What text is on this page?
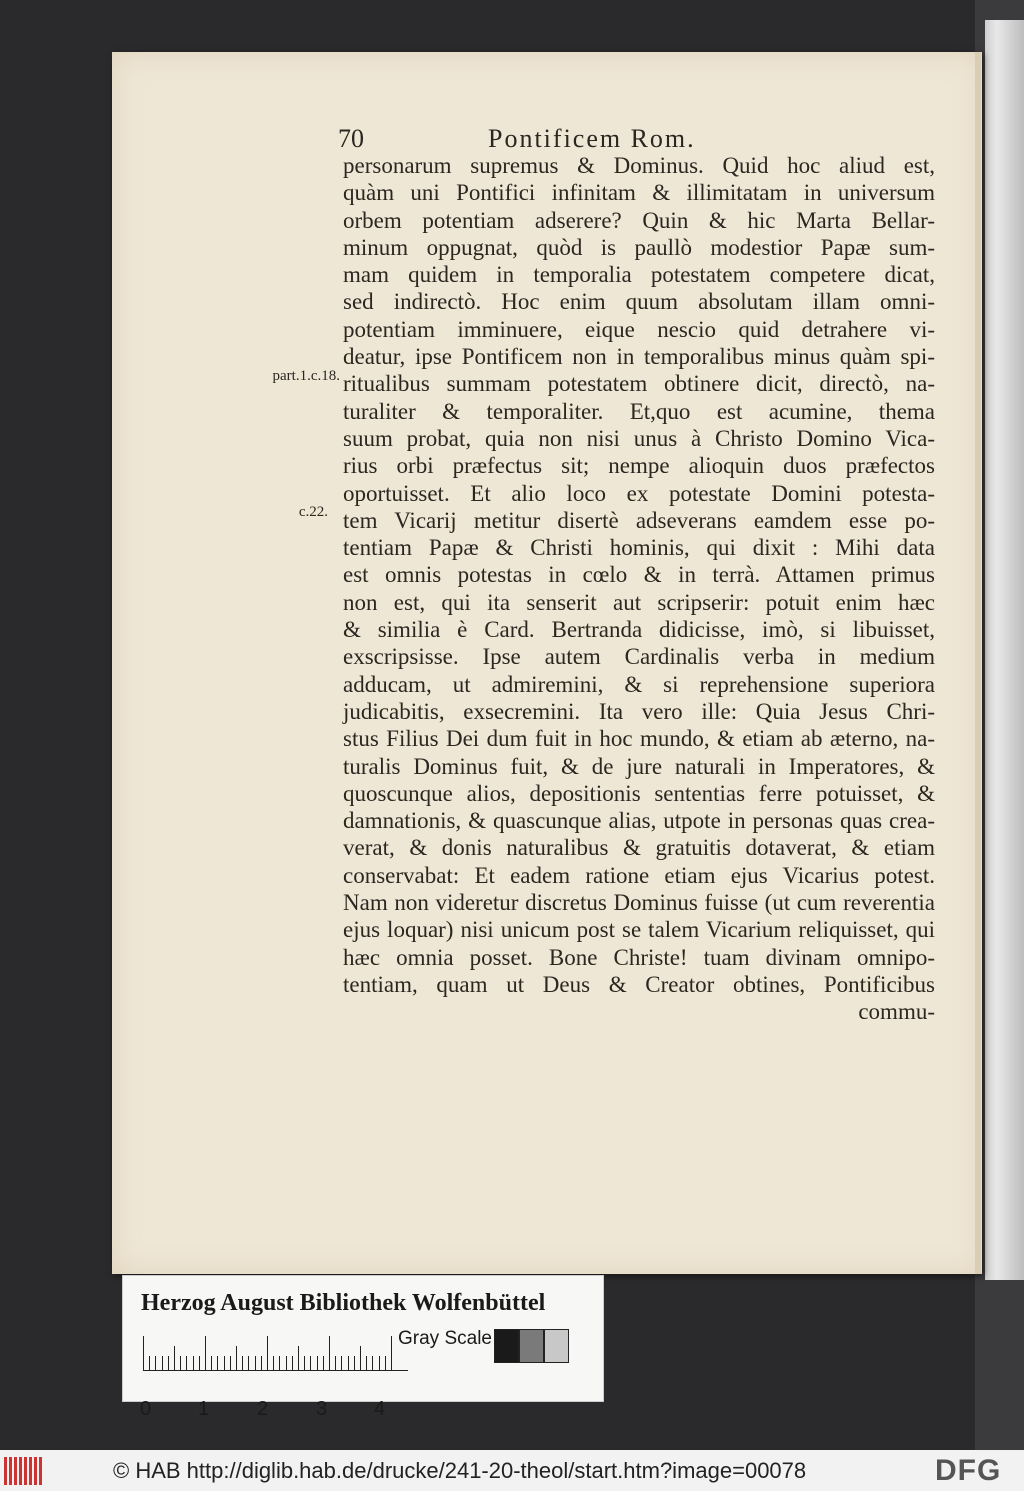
70	Pontificem Rom.
part.1.c.18.
c.22.
personarum supremus & Dominus. Quid hoc aliud est,
quàm uni Pontifici infinitam & illimitatam in universum
orbem potentiam adserere? Quin & hic Marta Bellar-
minum oppugnat, quòd is paullò modestior Papæ sum-
mam quidem in temporalia potestatem competere dicat,
sed indirectò. Hoc enim quum absolutam illam omni-
potentiam imminuere, eique nescio quid detrahere vi-
deatur, ipse Pontificem non in temporalibus minus quàm spi-
ritualibus summam potestatem obtinere dicit, directò, na-
turaliter & temporaliter. Et,quo est acumine, thema
suum probat, quia non nisi unus à Christo Domino Vica-
rius orbi præfectus sit; nempe alioquin duos præfectos
oportuisset. Et alio loco ex potestate Domini potesta-
tem Vicarij metitur disertè adseverans eamdem esse po-
tentiam Papæ & Christi hominis, qui dixit : Mihi data
est omnis potestas in cœlo & in terrà. Attamen primus
non est, qui ita senserit aut scripserir: potuit enim hæc
& similia è Card. Bertranda didicisse, imò, si libuisset,
exscripsisse. Ipse autem Cardinalis verba in medium
adducam, ut admiremini, & si reprehensione superiora
judicabitis, exsecremini. Ita vero ille: Quia Jesus Chri-
stus Filius Dei dum fuit in hoc mundo, & etiam ab æterno, na-
turalis Dominus fuit, & de jure naturali in Imperatores, &
quoscunque alios, depositionis sententias ferre potuisset, &
damnationis, & quascunque alias, utpote in personas quas crea-
verat, & donis naturalibus & gratuitis dotaverat, & etiam
conservabat: Et eadem ratione etiam ejus Vicarius potest.
Nam non videretur discretus Dominus fuisse (ut cum reverentia
ejus loquar) nisi unicum post se talem Vicarium reliquisset, qui
hæc omnia posset. Bone Christe! tuam divinam omnipo-
tentiam, quam ut Deus & Creator obtines, Pontificibus
commu-
Herzog August Bibliothek Wolfenbüttel
0 1 2 3 4
Gray Scale
© HAB http://diglib.hab.de/drucke/241-20-theol/start.htm?image=00078	DFG
